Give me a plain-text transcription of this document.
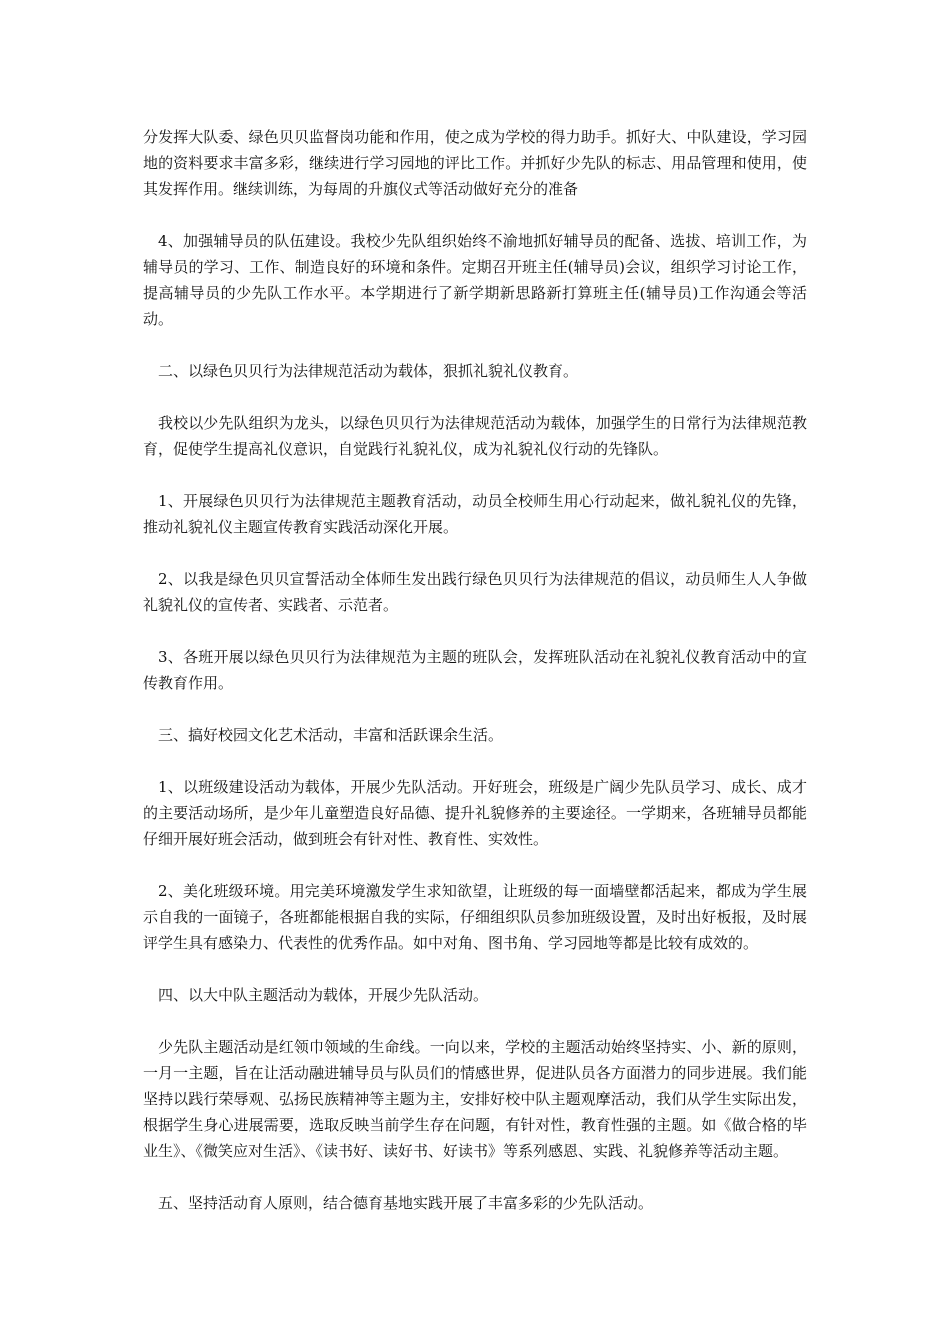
分发挥大队委、绿色贝贝监督岗功能和作用，使之成为学校的得力助手。抓好大、中队建设，学习园地的资料要求丰富多彩，继续进行学习园地的评比工作。并抓好少先队的标志、用品管理和使用，使其发挥作用。继续训练，为每周的升旗仪式等活动做好充分的准备

4、加强辅导员的队伍建设。我校少先队组织始终不渝地抓好辅导员的配备、选拔、培训工作，为辅导员的学习、工作、制造良好的环境和条件。定期召开班主任(辅导员)会议，组织学习讨论工作，提高辅导员的少先队工作水平。本学期进行了新学期新思路新打算班主任(辅导员)工作沟通会等活动。

二、以绿色贝贝行为法律规范活动为载体，狠抓礼貌礼仪教育。

我校以少先队组织为龙头，以绿色贝贝行为法律规范活动为载体，加强学生的日常行为法律规范教育，促使学生提高礼仪意识，自觉践行礼貌礼仪，成为礼貌礼仪行动的先锋队。

1、开展绿色贝贝行为法律规范主题教育活动，动员全校师生用心行动起来，做礼貌礼仪的先锋，推动礼貌礼仪主题宣传教育实践活动深化开展。

2、以我是绿色贝贝宣誓活动全体师生发出践行绿色贝贝行为法律规范的倡议，动员师生人人争做礼貌礼仪的宣传者、实践者、示范者。

3、各班开展以绿色贝贝行为法律规范为主题的班队会，发挥班队活动在礼貌礼仪教育活动中的宣传教育作用。

三、搞好校园文化艺术活动，丰富和活跃课余生活。

1、以班级建设活动为载体，开展少先队活动。开好班会，班级是广阔少先队员学习、成长、成才的主要活动场所，是少年儿童塑造良好品德、提升礼貌修养的主要途径。一学期来，各班辅导员都能仔细开展好班会活动，做到班会有针对性、教育性、实效性。

2、美化班级环境。用完美环境激发学生求知欲望，让班级的每一面墙壁都活起来，都成为学生展示自我的一面镜子，各班都能根据自我的实际，仔细组织队员参加班级设置，及时出好板报，及时展评学生具有感染力、代表性的优秀作品。如中对角、图书角、学习园地等都是比较有成效的。

四、以大中队主题活动为载体，开展少先队活动。

少先队主题活动是红领巾领域的生命线。一向以来，学校的主题活动始终坚持实、小、新的原则，一月一主题，旨在让活动融进辅导员与队员们的情感世界，促进队员各方面潜力的同步进展。我们能坚持以践行荣辱观、弘扬民族精神等主题为主，安排好校中队主题观摩活动，我们从学生实际出发，根据学生身心进展需要，选取反映当前学生存在问题，有针对性，教育性强的主题。如《做合格的毕业生》、《微笑应对生活》、《读书好、读好书、好读书》等系列感恩、实践、礼貌修养等活动主题。

五、坚持活动育人原则，结合德育基地实践开展了丰富多彩的少先队活动。
